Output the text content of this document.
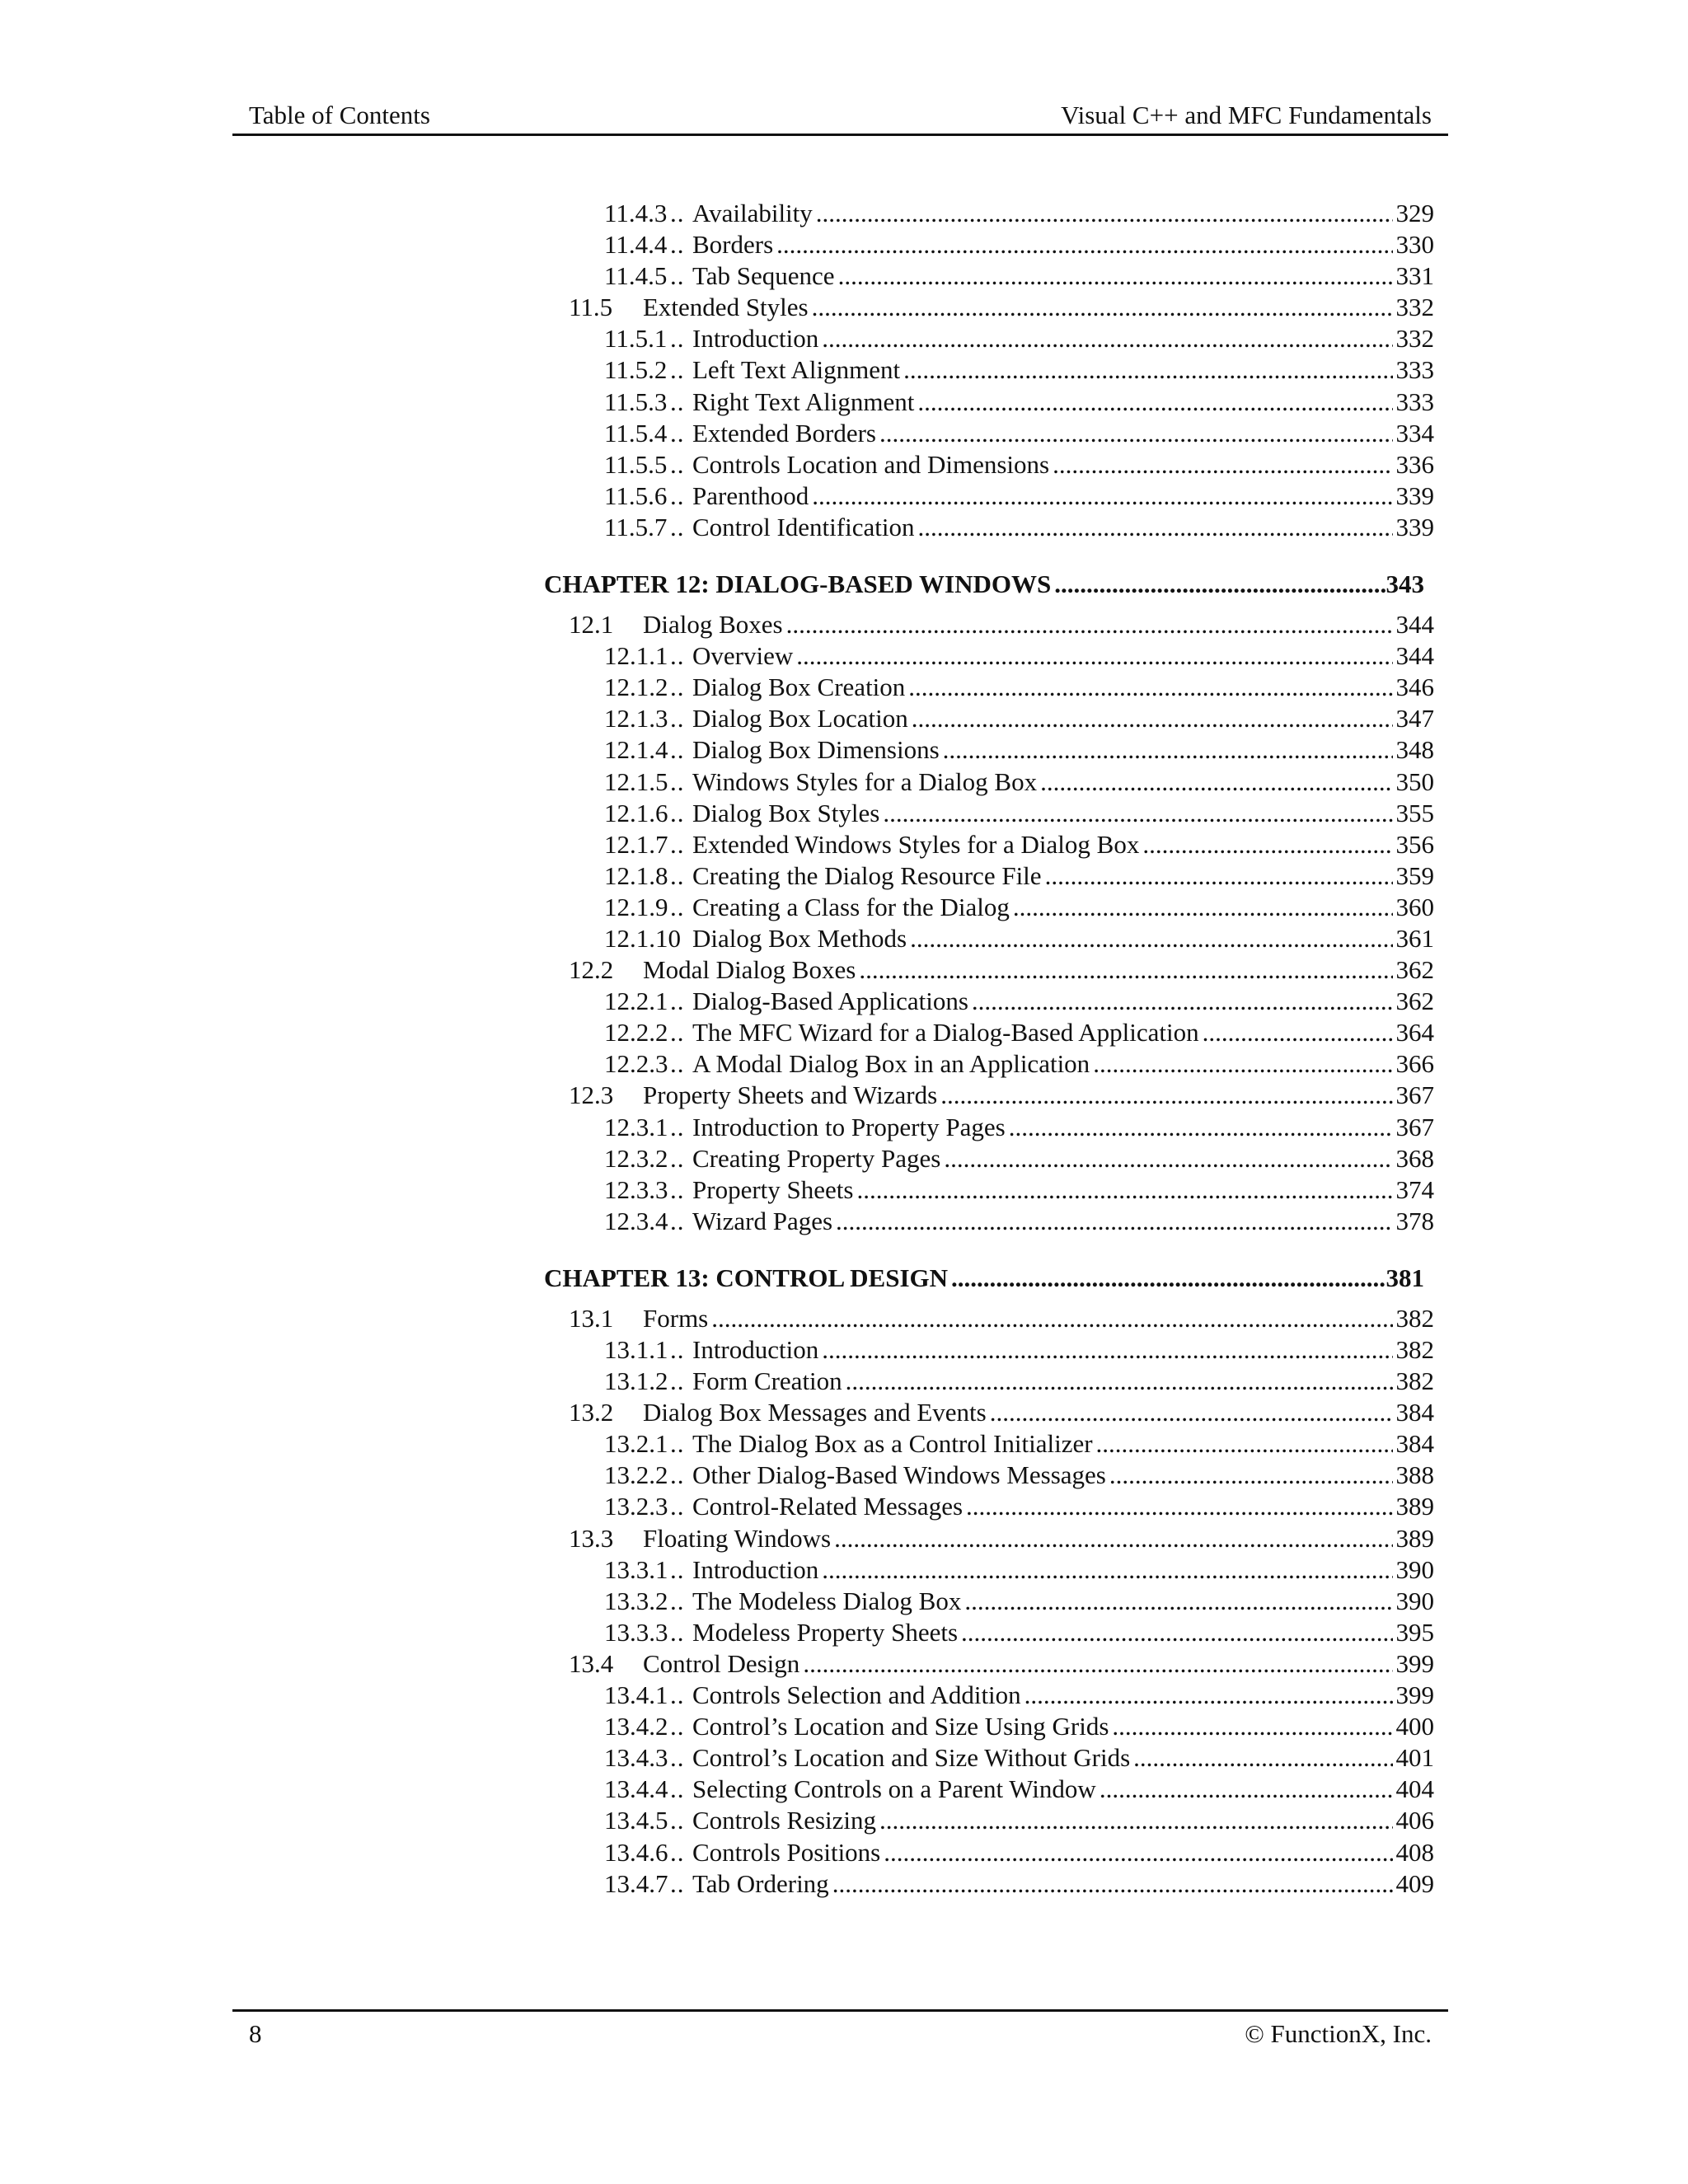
Table of Contents	Visual C++ and MFC Fundamentals
11.4.3 .. Availability .....	329
11.4.4 .. Borders .....	330
11.4.5 .. Tab Sequence .....	331
11.5 Extended Styles .....	332
11.5.1 .. Introduction .....	332
11.5.2 .. Left Text Alignment .....	333
11.5.3 .. Right Text Alignment .....	333
11.5.4 .. Extended Borders .....	334
11.5.5 .. Controls Location and Dimensions .....	336
11.5.6 .. Parenthood .....	339
11.5.7 .. Control Identification .....	339
CHAPTER 12: DIALOG-BASED WINDOWS .....	343
12.1 Dialog Boxes .....	344
12.1.1 .. Overview .....	344
12.1.2 .. Dialog Box Creation .....	346
12.1.3 .. Dialog Box Location .....	347
12.1.4 .. Dialog Box Dimensions .....	348
12.1.5 .. Windows Styles for a Dialog Box .....	350
12.1.6 .. Dialog Box Styles .....	355
12.1.7 .. Extended Windows Styles for a Dialog Box .....	356
12.1.8 .. Creating the Dialog Resource File .....	359
12.1.9 .. Creating a Class for the Dialog .....	360
12.1.10 Dialog Box Methods .....	361
12.2 Modal Dialog Boxes .....	362
12.2.1 .. Dialog-Based Applications .....	362
12.2.2 .. The MFC Wizard for a Dialog-Based Application .....	364
12.2.3 .. A Modal Dialog Box in an Application .....	366
12.3 Property Sheets and Wizards .....	367
12.3.1 .. Introduction to Property Pages .....	367
12.3.2 .. Creating Property Pages .....	368
12.3.3 .. Property Sheets .....	374
12.3.4 .. Wizard Pages .....	378
CHAPTER 13: CONTROL DESIGN .....	381
13.1 Forms .....	382
13.1.1 .. Introduction .....	382
13.1.2 .. Form Creation .....	382
13.2 Dialog Box Messages and Events .....	384
13.2.1 .. The Dialog Box as a Control Initializer .....	384
13.2.2 .. Other Dialog-Based Windows Messages .....	388
13.2.3 .. Control-Related Messages .....	389
13.3 Floating Windows .....	389
13.3.1 .. Introduction .....	390
13.3.2 .. The Modeless Dialog Box .....	390
13.3.3 .. Modeless Property Sheets .....	395
13.4 Control Design .....	399
13.4.1 .. Controls Selection and Addition .....	399
13.4.2 .. Control’s Location and Size Using Grids .....	400
13.4.3 .. Control’s Location and Size Without Grids .....	401
13.4.4 .. Selecting Controls on a Parent Window .....	404
13.4.5 .. Controls Resizing .....	406
13.4.6 .. Controls Positions .....	408
13.4.7 .. Tab Ordering .....	409
8	© FunctionX, Inc.
